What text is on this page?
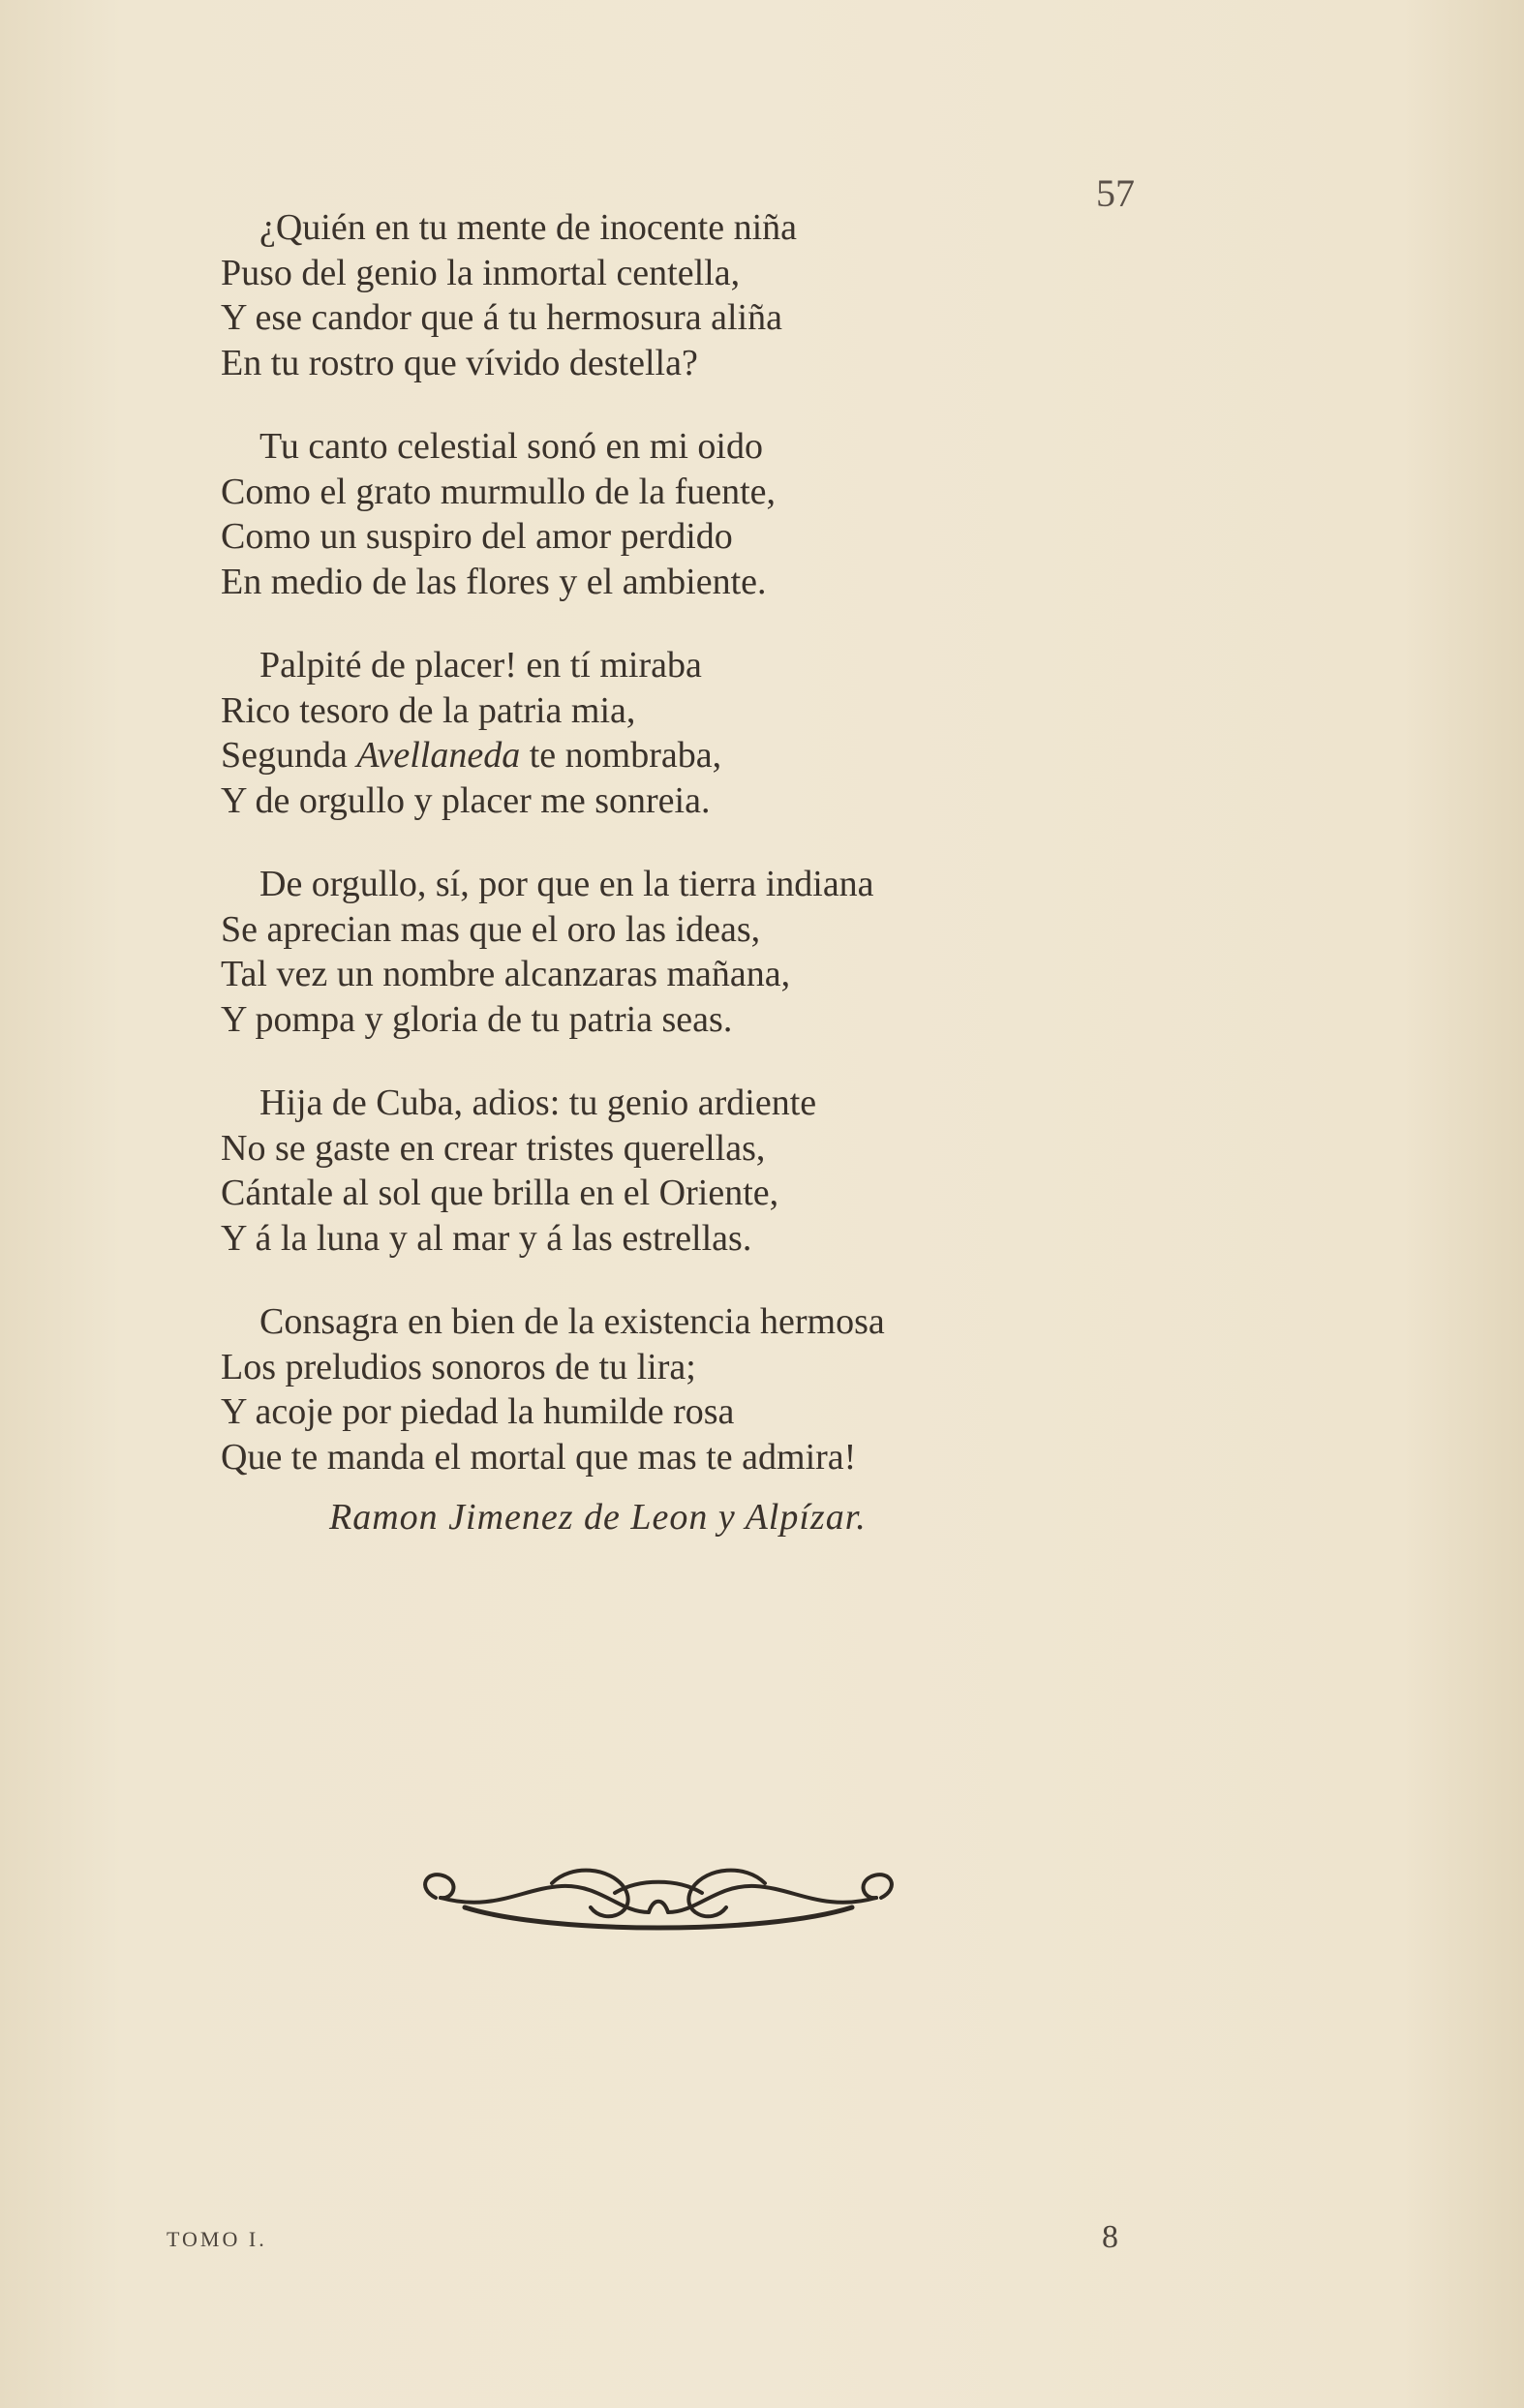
57
¿Quién en tu mente de inocente niña
Puso del genio la inmortal centella,
Y ese candor que á tu hermosura aliña
En tu rostro que vívido destella?
Tu canto celestial sonó en mi oido
Como el grato murmullo de la fuente,
Como un suspiro del amor perdido
En medio de las flores y el ambiente.
Palpité de placer! en tí miraba
Rico tesoro de la patria mia,
Segunda Avellaneda te nombraba,
Y de orgullo y placer me sonreia.
De orgullo, sí, por que en la tierra indiana
Se aprecian mas que el oro las ideas,
Tal vez un nombre alcanzaras mañana,
Y pompa y gloria de tu patria seas.
Hija de Cuba, adios: tu genio ardiente
No se gaste en crear tristes querellas,
Cántale al sol que brilla en el Oriente,
Y á la luna y al mar y á las estrellas.
Consagra en bien de la existencia hermosa
Los preludios sonoros de tu lira;
Y acoje por piedad la humilde rosa
Que te manda el mortal que mas te admira!
Ramon Jimenez de Leon y Alpízar.
TOMO I.	8
